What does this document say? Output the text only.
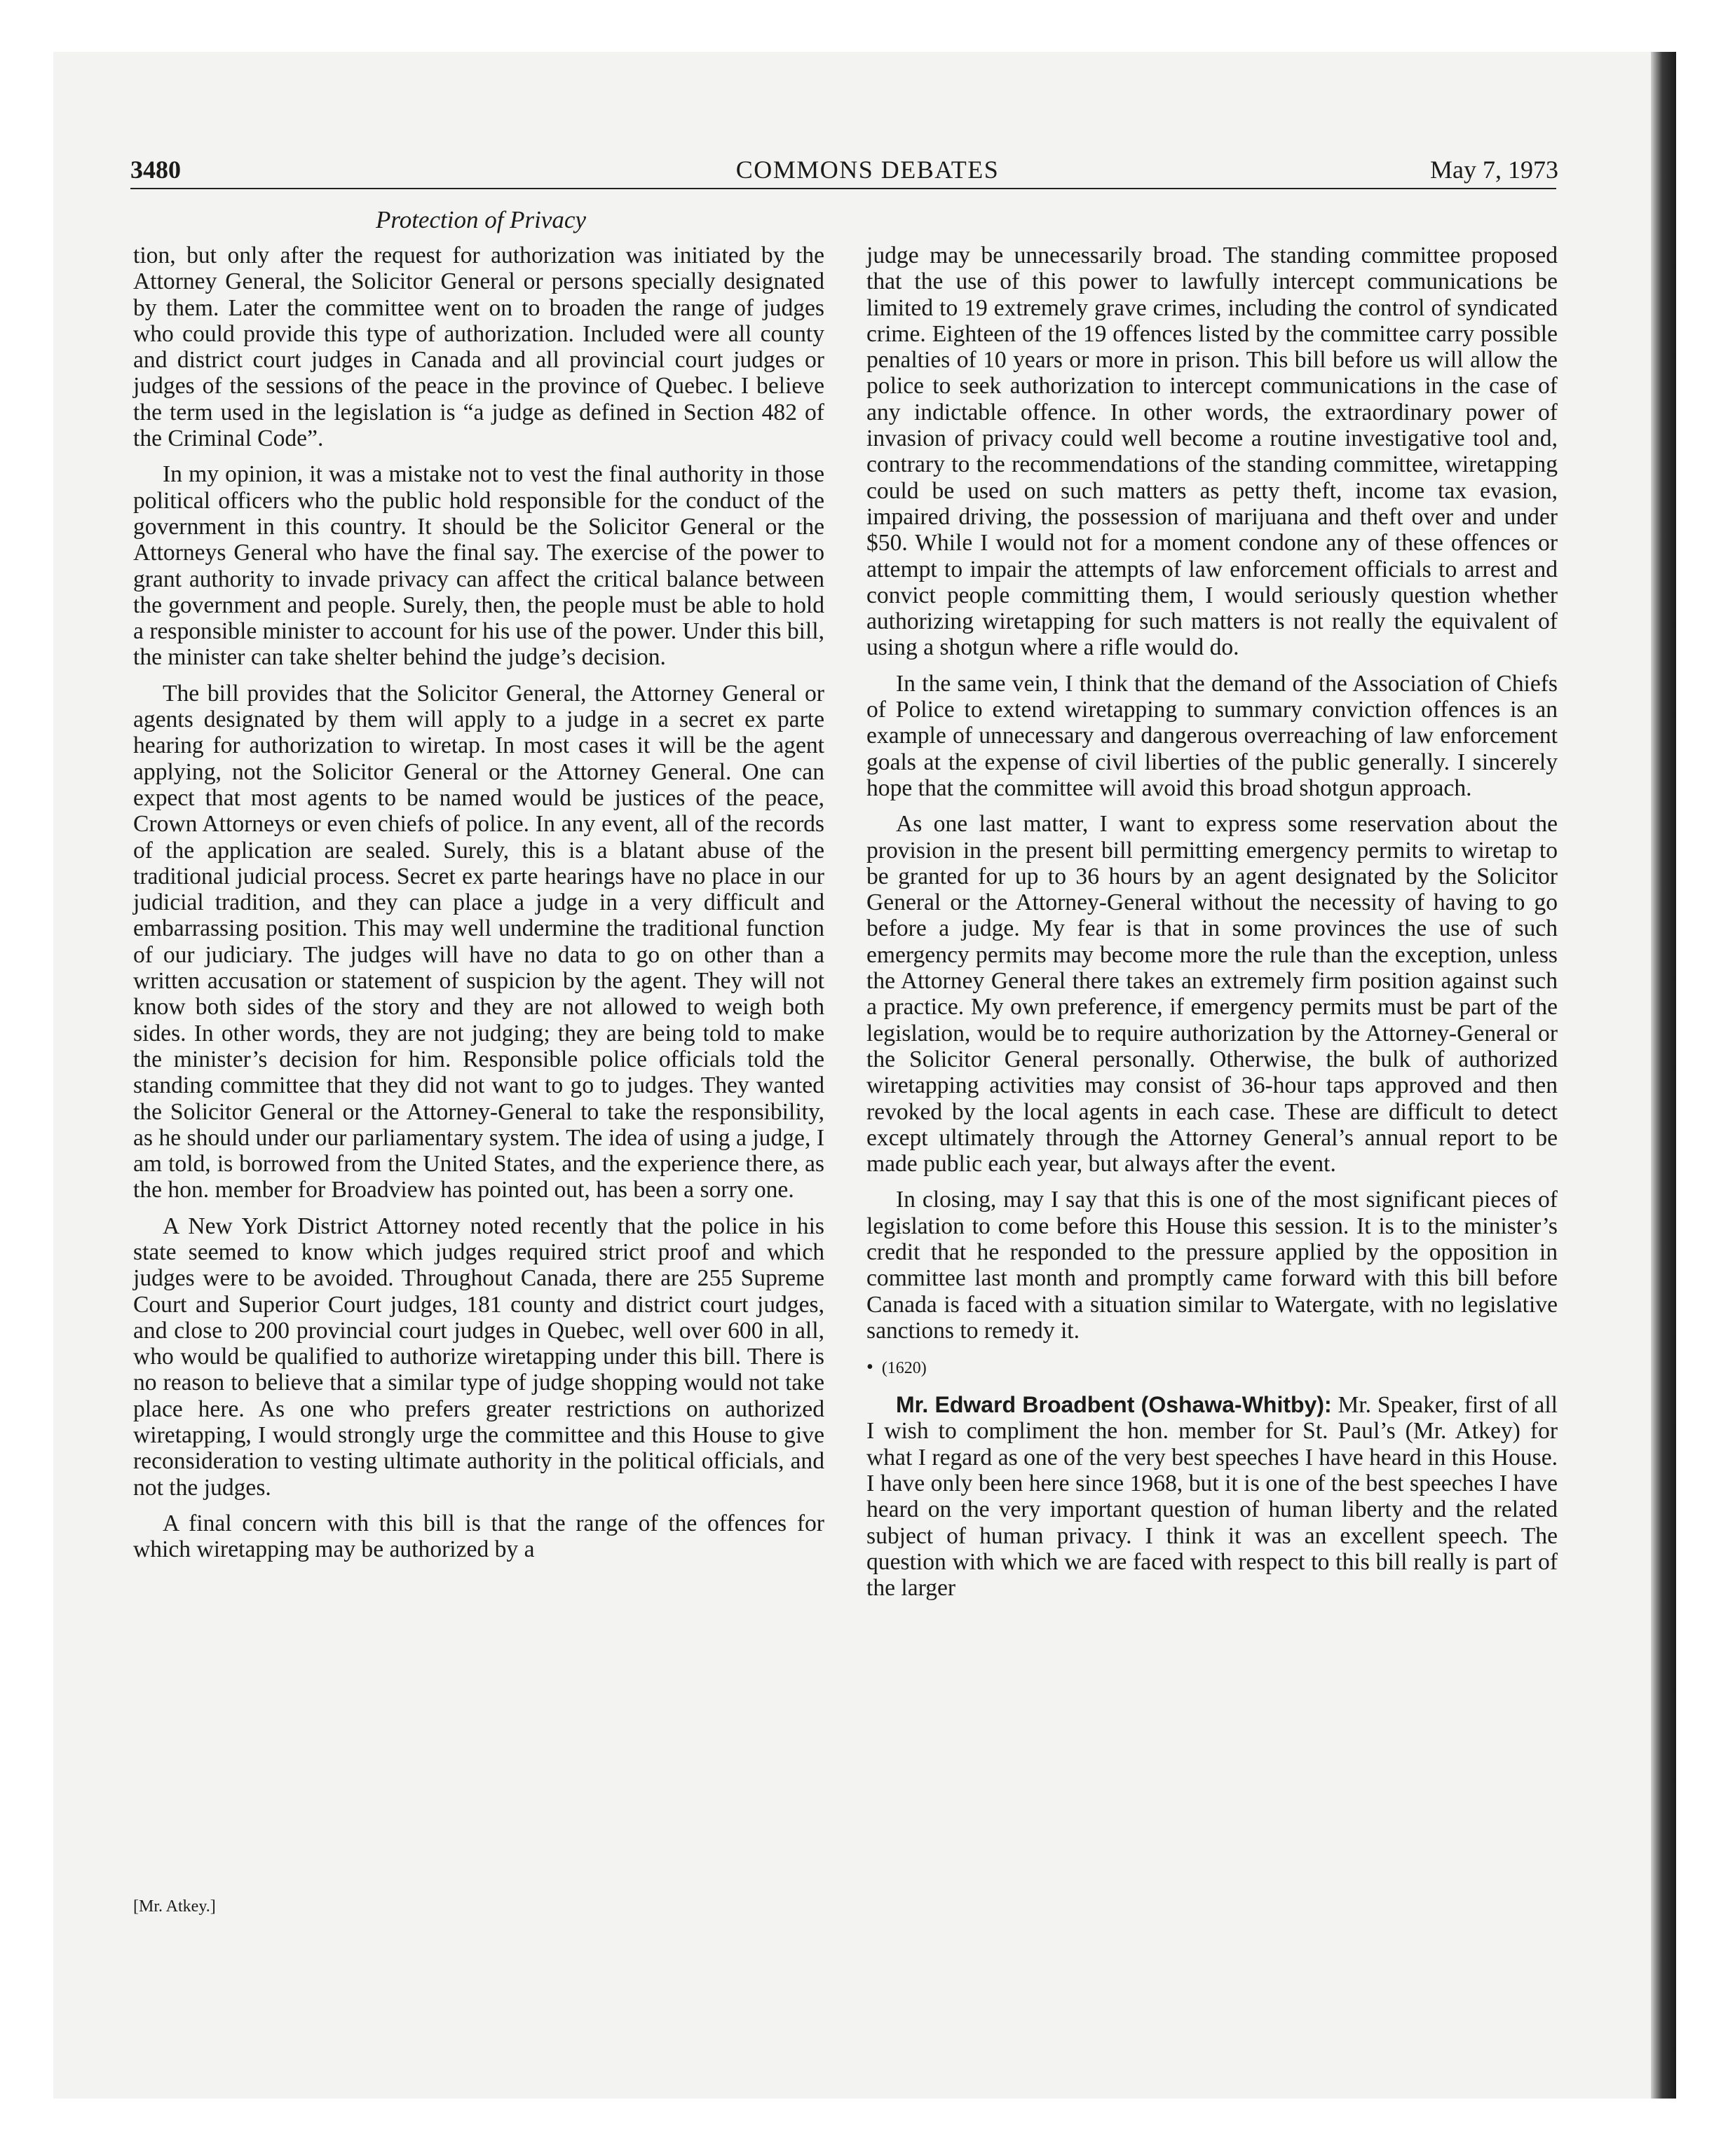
3480	COMMONS DEBATES	May 7, 1973
Protection of Privacy

tion, but only after the request for authorization was initiated by the Attorney General, the Solicitor General or persons specially designated by them. Later the committee went on to broaden the range of judges who could provide this type of authorization. Included were all county and district court judges in Canada and all provincial court judges or judges of the sessions of the peace in the province of Quebec. I believe the term used in the legislation is “a judge as defined in Section 482 of the Criminal Code”.

In my opinion, it was a mistake not to vest the final authority in those political officers who the public hold responsible for the conduct of the government in this country. It should be the Solicitor General or the Attorneys General who have the final say. The exercise of the power to grant authority to invade privacy can affect the critical balance between the government and people. Surely, then, the people must be able to hold a responsible minister to account for his use of the power. Under this bill, the minister can take shelter behind the judge’s decision.

The bill provides that the Solicitor General, the Attorney General or agents designated by them will apply to a judge in a secret ex parte hearing for authorization to wiretap. In most cases it will be the agent applying, not the Solicitor General or the Attorney General. One can expect that most agents to be named would be justices of the peace, Crown Attorneys or even chiefs of police. In any event, all of the records of the application are sealed. Surely, this is a blatant abuse of the traditional judicial process. Secret ex parte hearings have no place in our judicial tradition, and they can place a judge in a very difficult and embarrassing position. This may well undermine the traditional function of our judiciary. The judges will have no data to go on other than a written accusation or statement of suspicion by the agent. They will not know both sides of the story and they are not allowed to weigh both sides. In other words, they are not judging; they are being told to make the minister’s decision for him. Responsible police officials told the standing committee that they did not want to go to judges. They wanted the Solicitor General or the Attorney-General to take the responsibility, as he should under our parliamentary system. The idea of using a judge, I am told, is borrowed from the United States, and the experience there, as the hon. member for Broadview has pointed out, has been a sorry one.

A New York District Attorney noted recently that the police in his state seemed to know which judges required strict proof and which judges were to be avoided. Throughout Canada, there are 255 Supreme Court and Superior Court judges, 181 county and district court judges, and close to 200 provincial court judges in Quebec, well over 600 in all, who would be qualified to authorize wiretapping under this bill. There is no reason to believe that a similar type of judge shopping would not take place here. As one who prefers greater restrictions on authorized wiretapping, I would strongly urge the committee and this House to give reconsideration to vesting ultimate authority in the political officials, and not the judges.

A final concern with this bill is that the range of the offences for which wiretapping may be authorized by a

[Mr. Atkey.]

judge may be unnecessarily broad. The standing committee proposed that the use of this power to lawfully intercept communications be limited to 19 extremely grave crimes, including the control of syndicated crime. Eighteen of the 19 offences listed by the committee carry possible penalties of 10 years or more in prison. This bill before us will allow the police to seek authorization to intercept communications in the case of any indictable offence. In other words, the extraordinary power of invasion of privacy could well become a routine investigative tool and, contrary to the recommendations of the standing committee, wiretapping could be used on such matters as petty theft, income tax evasion, impaired driving, the possession of marijuana and theft over and under $50. While I would not for a moment condone any of these offences or attempt to impair the attempts of law enforcement officials to arrest and convict people committing them, I would seriously question whether authorizing wiretapping for such matters is not really the equivalent of using a shotgun where a rifle would do.

In the same vein, I think that the demand of the Association of Chiefs of Police to extend wiretapping to summary conviction offences is an example of unnecessary and dangerous overreaching of law enforcement goals at the expense of civil liberties of the public generally. I sincerely hope that the committee will avoid this broad shotgun approach.

As one last matter, I want to express some reservation about the provision in the present bill permitting emergency permits to wiretap to be granted for up to 36 hours by an agent designated by the Solicitor General or the Attorney-General without the necessity of having to go before a judge. My fear is that in some provinces the use of such emergency permits may become more the rule than the exception, unless the Attorney General there takes an extremely firm position against such a practice. My own preference, if emergency permits must be part of the legislation, would be to require authorization by the Attorney-General or the Solicitor General personally. Otherwise, the bulk of authorized wiretapping activities may consist of 36-hour taps approved and then revoked by the local agents in each case. These are difficult to detect except ultimately through the Attorney General’s annual report to be made public each year, but always after the event.

In closing, may I say that this is one of the most significant pieces of legislation to come before this House this session. It is to the minister’s credit that he responded to the pressure applied by the opposition in committee last month and promptly came forward with this bill before Canada is faced with a situation similar to Watergate, with no legislative sanctions to remedy it.

• (1620)

Mr. Edward Broadbent (Oshawa-Whitby): Mr. Speaker, first of all I wish to compliment the hon. member for St. Paul’s (Mr. Atkey) for what I regard as one of the very best speeches I have heard in this House. I have only been here since 1968, but it is one of the best speeches I have heard on the very important question of human liberty and the related subject of human privacy. I think it was an excellent speech. The question with which we are faced with respect to this bill really is part of the larger
